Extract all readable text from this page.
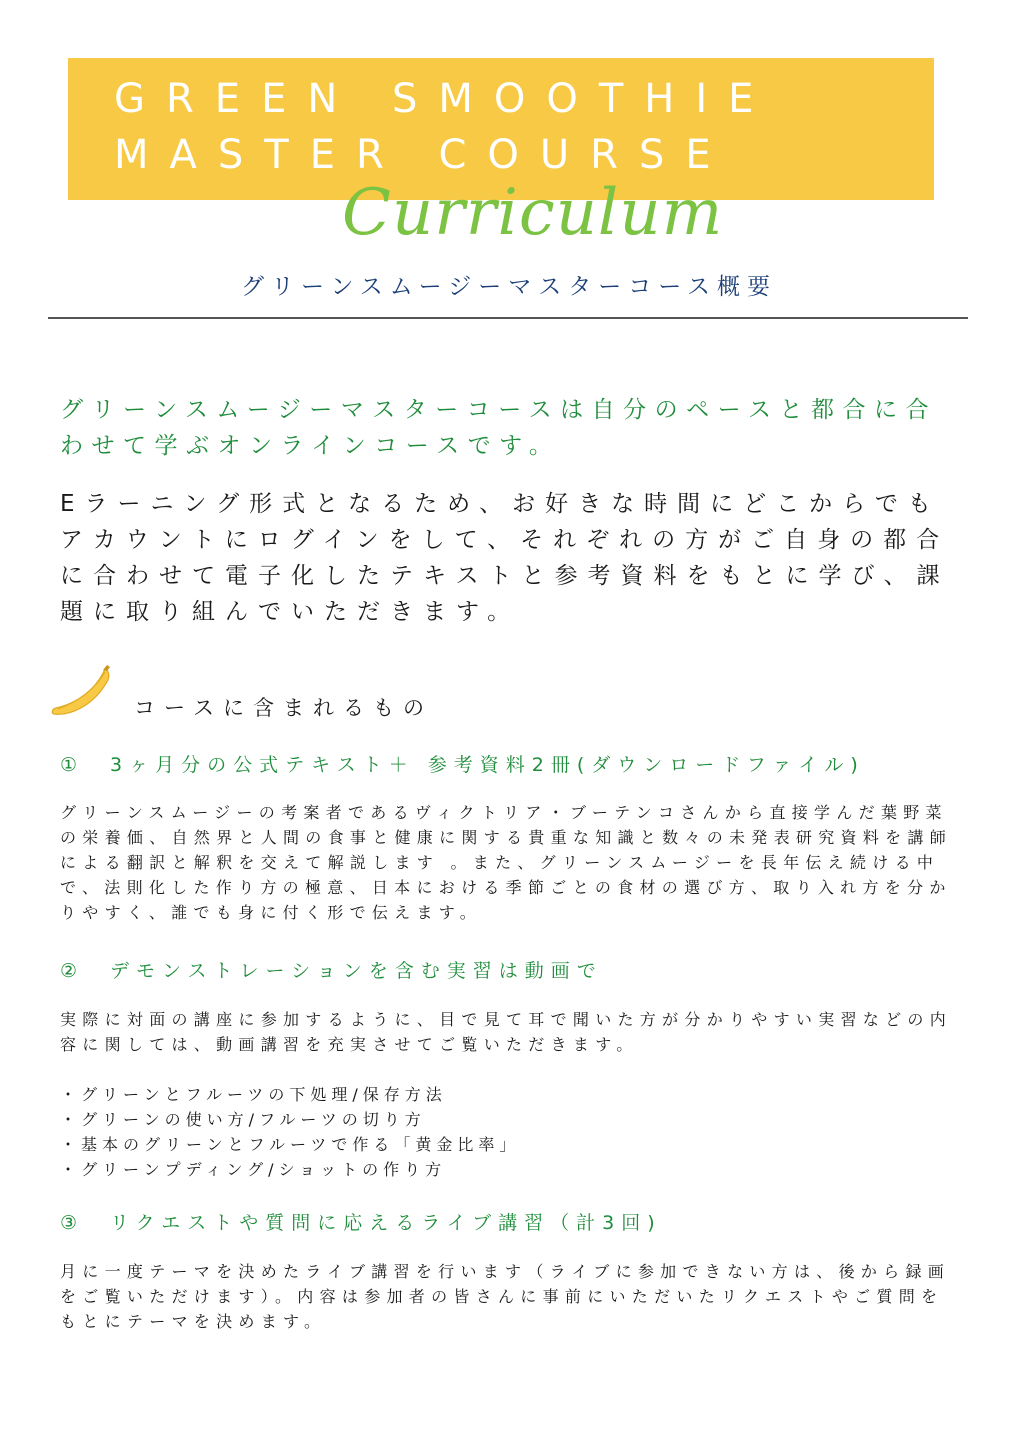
GREEN SMOOTHIE
MASTER COURSE
Curriculum
グリーンスムージーマスターコース概要
グリーンスムージーマスターコースは自分のペースと都合に合わせて学ぶオンラインコースです。
Eラーニング形式となるため、お好きな時間にどこからでもアカウントにログインをして、それぞれの方がご自身の都合に合わせて電子化したテキストと参考資料をもとに学び、課題に取り組んでいただきます。
コースに含まれるもの
①　3ヶ月分の公式テキスト＋ 参考資料2冊(ダウンロードファイル)
グリーンスムージーの考案者であるヴィクトリア・ブーテンコさんから直接学んだ葉野菜の栄養価、自然界と人間の食事と健康に関する貴重な知識と数々の未発表研究資料を講師による翻訳と解釈を交えて解説します 。また、グリーンスムージーを長年伝え続ける中で、法則化した作り方の極意、日本における季節ごとの食材の選び方、取り入れ方を分かりやすく、誰でも身に付く形で伝えます。
②　デモンストレーションを含む実習は動画で
実際に対面の講座に参加するように、目で見て耳で聞いた方が分かりやすい実習などの内容に関しては、動画講習を充実させてご覧いただきます。
・グリーンとフルーツの下処理/保存方法
・グリーンの使い方/フルーツの切り方
・基本のグリーンとフルーツで作る「黄金比率」
・グリーンプディング/ショットの作り方
③　リクエストや質問に応えるライブ講習（計3回)
月に一度テーマを決めたライブ講習を行います（ライブに参加できない方は、後から録画をご覧いただけます）。内容は参加者の皆さんに事前にいただいたリクエストやご質問をもとにテーマを決めます。
